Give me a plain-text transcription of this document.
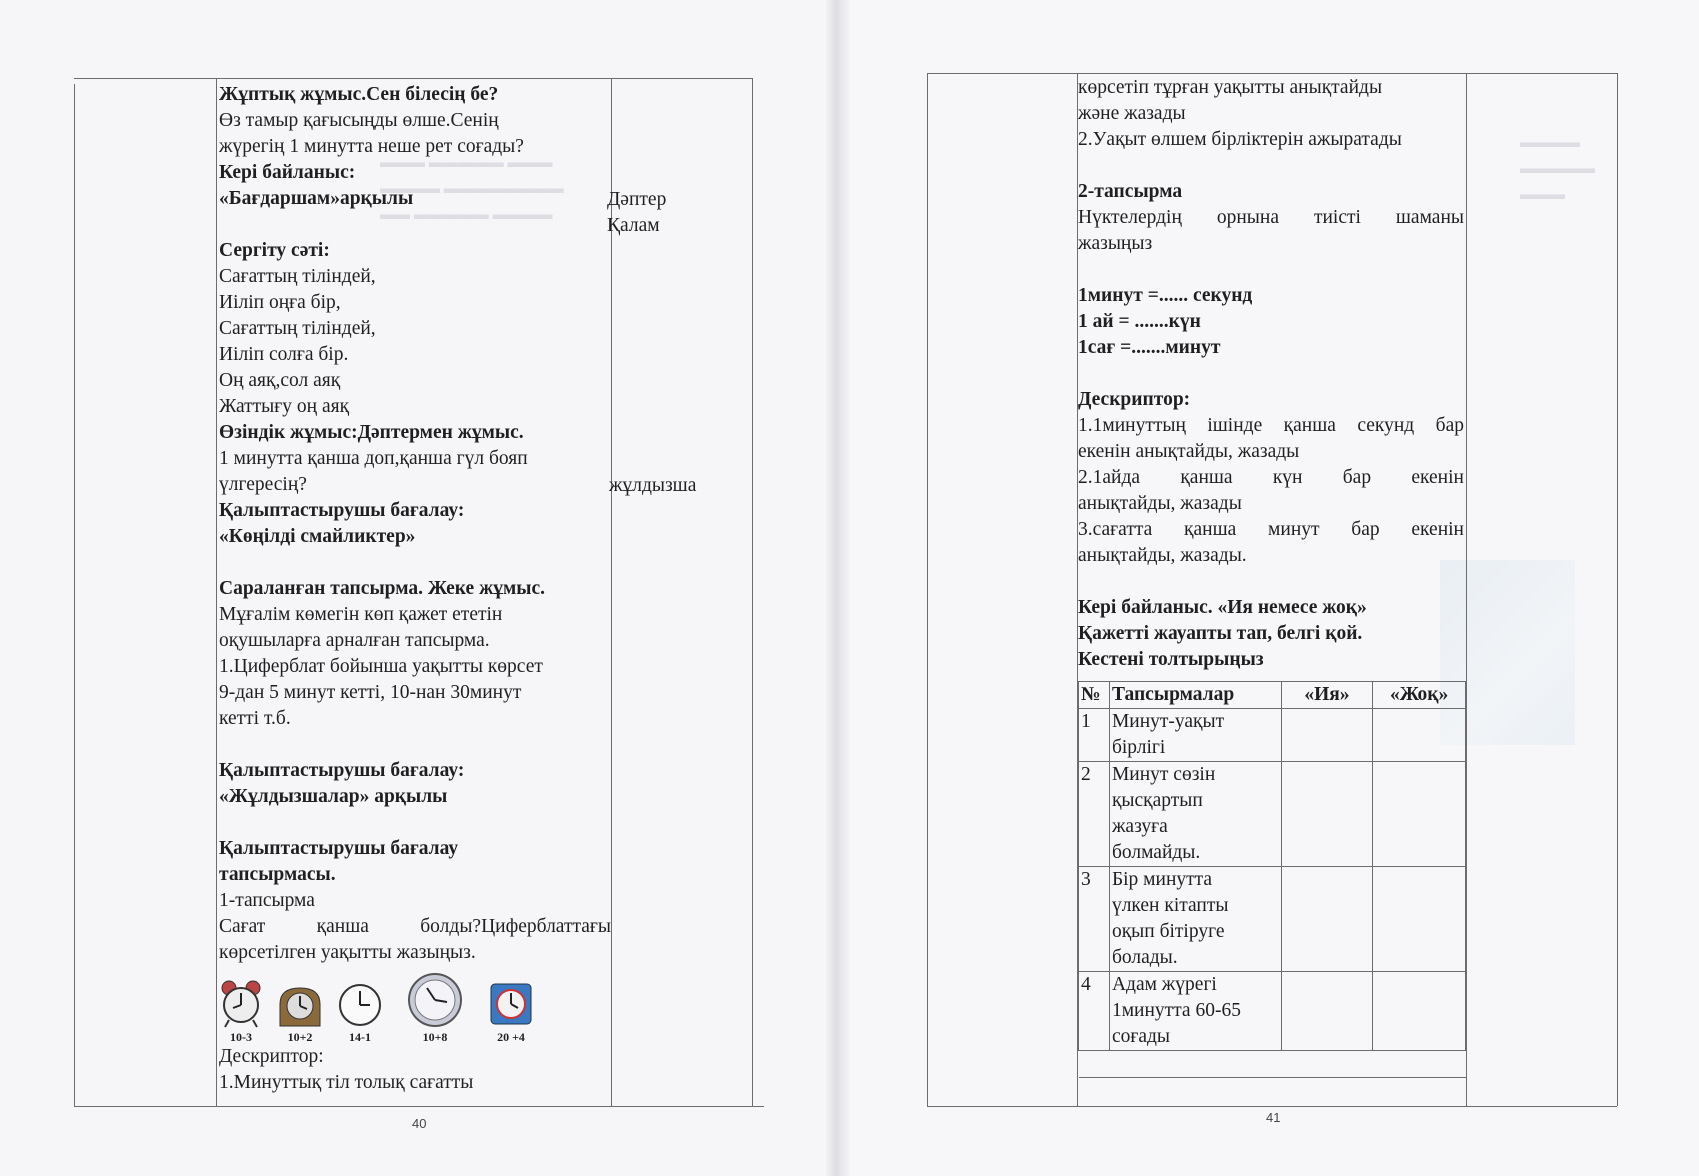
▬▬▬ ▬▬▬▬▬ ▬▬▬
▬▬▬▬ ▬▬▬▬▬▬▬▬
▬▬ ▬▬▬▬▬ ▬▬▬▬
▬▬▬▬
▬▬▬▬▬
▬▬▬

Жұптық жұмыс.Сен білесің бе?

Өз тамыр қағысыңды өлше.Сенің

жүрегің 1 минутта неше рет соғады?

Кері байланыс:

«Бағдаршам»арқылы

Сергіту сәті:

Сағаттың тіліндей,

Иіліп оңға бір,

Сағаттың тіліндей,

Иіліп солға бір.

Оң аяқ,сол аяқ

Жаттығу оң аяқ

Өзіндік жұмыс:Дәптермен жұмыс.

1 минутта қанша доп,қанша гүл бояп

үлгересің?

Қалыптастырушы бағалау:

«Көңілді смайликтер»

Сараланған тапсырма. Жеке жұмыс.

Мұғалім көмегін көп қажет ететін

оқушыларға арналған тапсырма.

1.Циферблат бойынша уақытты көрсет

9-дан 5 минут кетті, 10-нан 30минут

кетті т.б.

Қалыптастырушы бағалау:

«Жұлдызшалар» арқылы

Қалыптастырушы бағалау

тапсырмасы.

1-тапсырма

Сағат	қанша	болды?Циферблаттағы

көрсетілген уақытты жазыңыз.

10-3	10+2	14-1	10+8	20 +4

Дескриптор:

1.Минуттық тіл толық сағатты

Дәптер

Қалам

жұлдызша

40

көрсетіп тұрған уақытты анықтайды

және жазады

2.Уақыт өлшем бірліктерін ажыратады

2-тапсырма

Нүктелердің орнына тиісті шаманы

жазыңыз

1минут =...... секунд

1 ай = .......күн

1сағ =.......минут

Дескриптор:

1.1минуттың ішінде қанша секунд бар

екенін анықтайды, жазады

2.1айда қанша күн бар екенін

анықтайды, жазады

3.сағатта қанша минут бар екенін

анықтайды, жазады.

Кері байланыс. «Ия немесе жоқ»

Қажетті жауапты тап, белгі қой.

Кестені толтырыңыз

№	Тапсырмалар	«Ия»	«Жоқ»
1	Минут-уақыт
бірлігі		

2	Минут сөзін
қысқартып
жазуға
болмайды.		

3	Бір минутта
үлкен кітапты
оқып бітіруге
болады.		

4	Адам жүрегі
1минутта 60-65
соғады		

41
